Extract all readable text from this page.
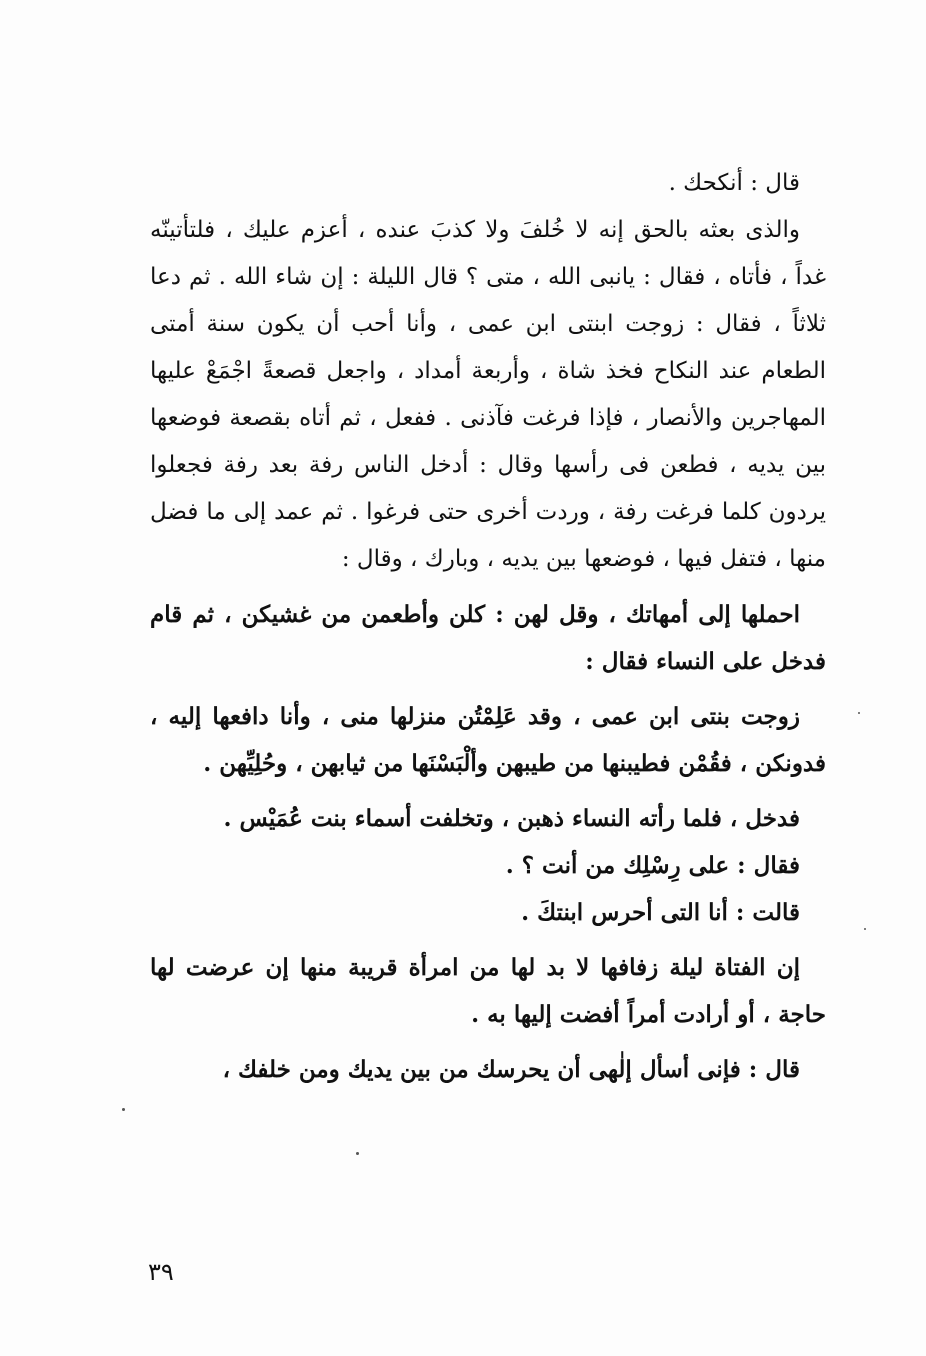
قال : أنكحك .

والذى بعثه بالحق إنه لا خُلفَ ولا كذبَ عنده ، أعزم عليك ، فلتأتينّه غداً ، فأتاه ، فقال : يانبى الله ، متى ؟ قال الليلة : إن شاء الله . ثم دعا ثلاثاً ، فقال : زوجت ابنتى ابن عمى ، وأنا أحب أن يكون سنة أمتى الطعام عند النكاح فخذ شاة ، وأربعة أمداد ، واجعل قصعةً اجْمَعْ عليها المهاجرين والأنصار ، فإذا فرغت فآذنى . ففعل ، ثم أتاه بقصعة فوضعها بين يديه ، فطعن فى رأسها وقال : أدخل الناس رفة بعد رفة فجعلوا يردون كلما فرغت رفة ، وردت أخرى حتى فرغوا . ثم عمد إلى ما فضل منها ، فتفل فيها ، فوضعها بين يديه ، وبارك ، وقال :

احملها إلى أمهاتك ، وقل لهن : كلن وأطعمن من غشيكن ، ثم قام فدخل على النساء فقال :

زوجت بنتى ابن عمى ، وقد عَلِمْتُن منزلها منى ، وأنا دافعها إليه ، فدونكن ، فقُمْن فطيبنها من طيبهن وألْبَسْنَها من ثيابهن ، وحُلِيِّهن .

فدخل ، فلما رأته النساء ذهبن ، وتخلفت أسماء بنت عُمَيْس .

فقال : على رِسْلِك من أنت ؟ .

قالت : أنا التى أحرس ابنتكَ .

إن الفتاة ليلة زفافها لا بد لها من امرأة قريبة منها إن عرضت لها حاجة ، أو أرادت أمراً أفضت إليها به .

قال : فإنى أسأل إلٰهى أن يحرسك من بين يديك ومن خلفك ،

٣٩
